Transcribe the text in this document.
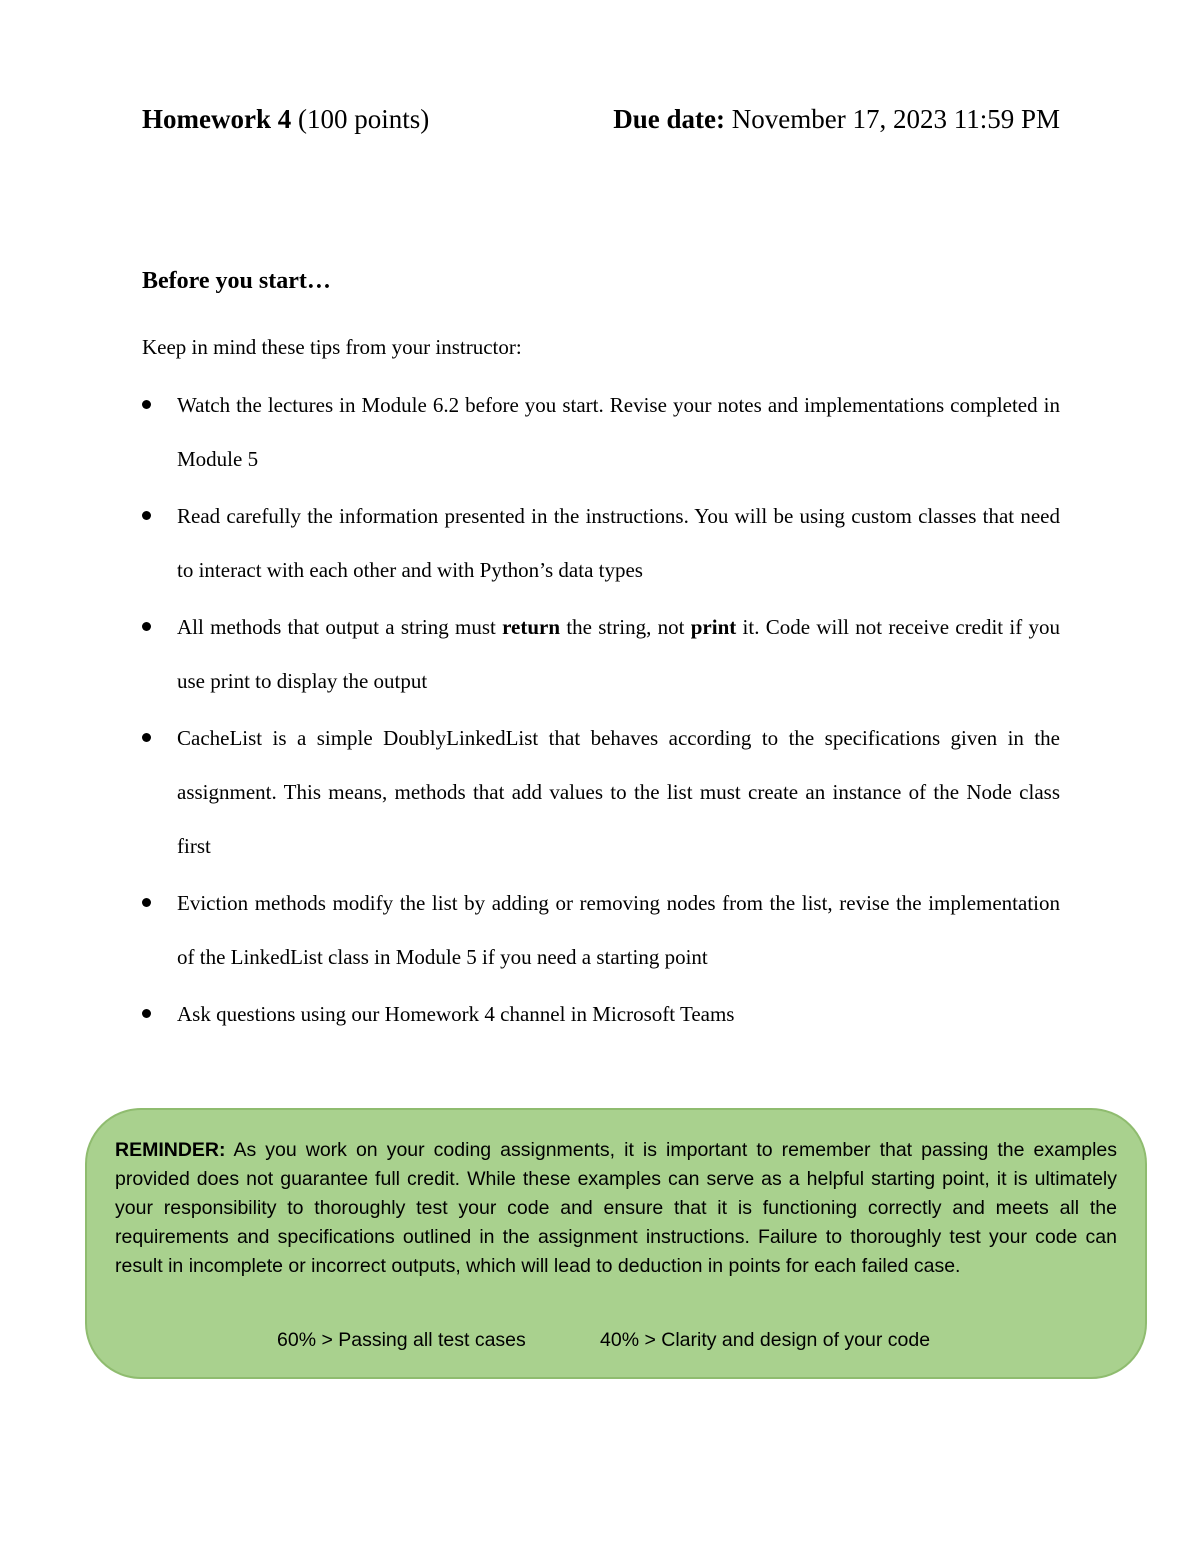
Homework 4 (100 points)	Due date: November 17, 2023 11:59 PM
Before you start…
Keep in mind these tips from your instructor:
Watch the lectures in Module 6.2 before you start. Revise your notes and implementations completed in Module 5
Read carefully the information presented in the instructions. You will be using custom classes that need to interact with each other and with Python’s data types
All methods that output a string must return the string, not print it. Code will not receive credit if you use print to display the output
CacheList is a simple DoublyLinkedList that behaves according to the specifications given in the assignment. This means, methods that add values to the list must create an instance of the Node class first
Eviction methods modify the list by adding or removing nodes from the list, revise the implementation of the LinkedList class in Module 5 if you need a starting point
Ask questions using our Homework 4 channel in Microsoft Teams
REMINDER: As you work on your coding assignments, it is important to remember that passing the examples provided does not guarantee full credit. While these examples can serve as a helpful starting point, it is ultimately your responsibility to thoroughly test your code and ensure that it is functioning correctly and meets all the requirements and specifications outlined in the assignment instructions. Failure to thoroughly test your code can result in incomplete or incorrect outputs, which will lead to deduction in points for each failed case.
60% > Passing all test cases	40% > Clarity and design of your code
